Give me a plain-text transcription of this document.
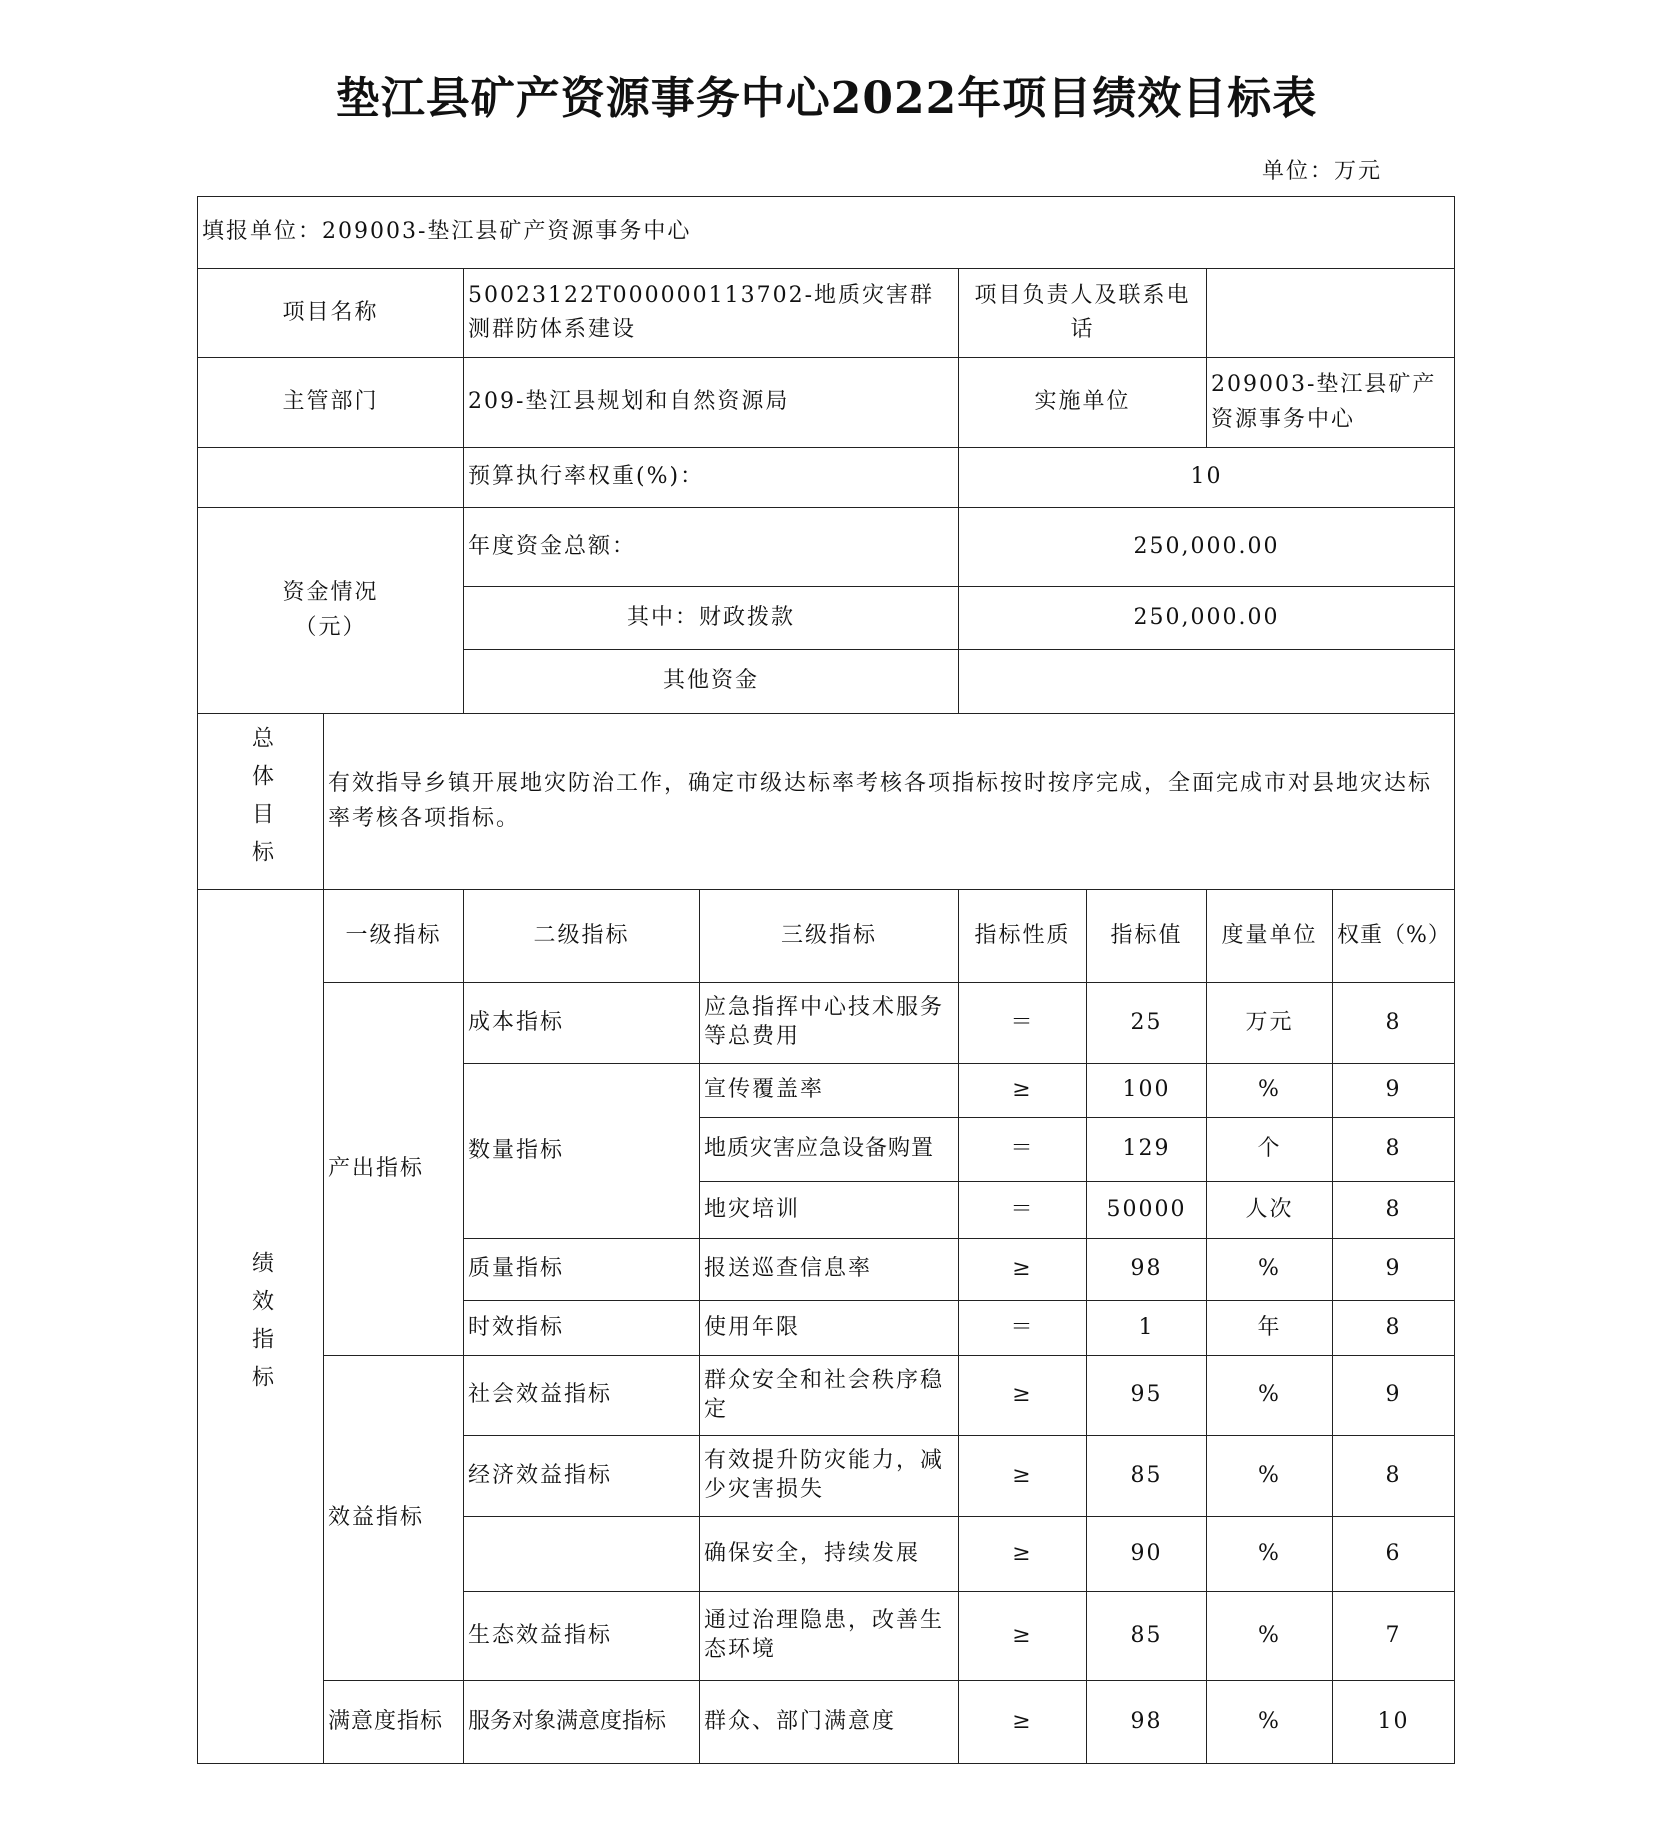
垫江县矿产资源事务中心2022年项目绩效目标表
单位：万元
填报单位：209003-垫江县矿产资源事务中心							
项目名称		50023122T000000113702-地质灾害群测群防体系建设		项目负责人及联系电话			
主管部门		209-垫江县规划和自然资源局		实施单位		209003-垫江县矿产资源事务中心	
		预算执行率权重(%)：		10			

资金情况
（元）		年度资金总额：		250,000.00			
		其中：财政拨款		250,000.00			
		其他资金					

总体目标	有效指导乡镇开展地灾防治工作，确定市级达标率考核各项指标按时按序完成，全面完成市对县地灾达标率考核各项指标。						

绩效指标	一级指标	二级指标	三级指标	指标性质	指标值	度量单位	权重（%）
	产出指标	成本指标	应急指挥中心技术服务等总费用	＝	25	万元	8
		数量指标	宣传覆盖率	≥	100	%	9
			地质灾害应急设备购置	＝	129	个	8
			地灾培训	＝	50000	人次	8
		质量指标	报送巡查信息率	≥	98	%	9
		时效指标	使用年限	＝	1	年	8
	效益指标	社会效益指标	群众安全和社会秩序稳定	≥	95	%	9
		经济效益指标	有效提升防灾能力，减少灾害损失	≥	85	%	8
			确保安全，持续发展	≥	90	%	6
		生态效益指标	通过治理隐患，改善生态环境	≥	85	%	7
	满意度指标	服务对象满意度指标	群众、部门满意度	≥	98	%	10
